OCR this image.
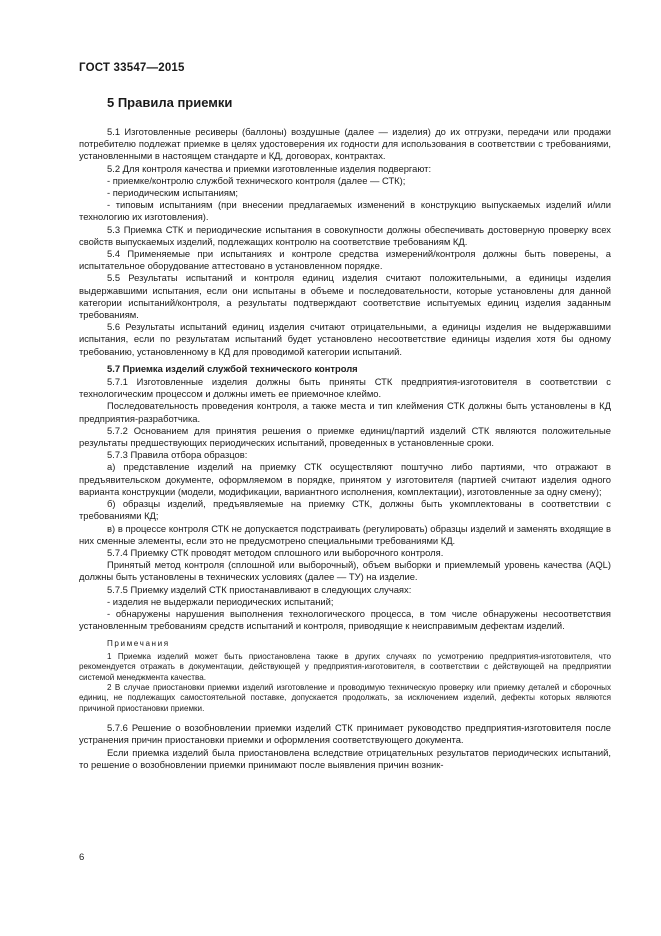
ГОСТ 33547—2015
5 Правила приемки

5.1 Изготовленные ресиверы (баллоны) воздушные (далее — изделия) до их отгрузки, передачи или продажи потребителю подлежат приемке в целях удостоверения их годности для использования в соответствии с требованиями, установленными в настоящем стандарте и КД, договорах, контрактах.

5.2 Для контроля качества и приемки изготовленные изделия подвергают:

- приемке/контролю службой технического контроля (далее — СТК);

- периодическим испытаниям;

- типовым испытаниям (при внесении предлагаемых изменений в конструкцию выпускаемых изделий и/или технологию их изготовления).

5.3 Приемка СТК и периодические испытания в совокупности должны обеспечивать достоверную проверку всех свойств выпускаемых изделий, подлежащих контролю на соответствие требованиям КД.

5.4 Применяемые при испытаниях и контроле средства измерений/контроля должны быть поверены, а испытательное оборудование аттестовано в установленном порядке.

5.5 Результаты испытаний и контроля единиц изделия считают положительными, а единицы изделия выдержавшими испытания, если они испытаны в объеме и последовательности, которые установлены для данной категории испытаний/контроля, а результаты подтверждают соответствие испытуемых единиц изделия заданным требованиям.

5.6 Результаты испытаний единиц изделия считают отрицательными, а единицы изделия не выдержавшими испытания, если по результатам испытаний будет установлено несоответствие единицы изделия хотя бы одному требованию, установленному в КД для проводимой категории испытаний.

5.7 Приемка изделий службой технического контроля

5.7.1 Изготовленные изделия должны быть приняты СТК предприятия-изготовителя в соответствии с технологическим процессом и должны иметь ее приемочное клеймо.

Последовательность проведения контроля, а также места и тип клеймения СТК должны быть установлены в КД предприятия-разработчика.

5.7.2 Основанием для принятия решения о приемке единиц/партий изделий СТК являются положительные результаты предшествующих периодических испытаний, проведенных в установленные сроки.

5.7.3 Правила отбора образцов:

а) представление изделий на приемку СТК осуществляют поштучно либо партиями, что отражают в предъявительском документе, оформляемом в порядке, принятом у изготовителя (партией считают изделия одного варианта конструкции (модели, модификации, вариантного исполнения, комплектации), изготовленные за одну смену);

б) образцы изделий, предъявляемые на приемку СТК, должны быть укомплектованы в соответствии с требованиями КД;

в) в процессе контроля СТК не допускается подстраивать (регулировать) образцы изделий и заменять входящие в них сменные элементы, если это не предусмотрено специальными требованиями КД.

5.7.4 Приемку СТК проводят методом сплошного или выборочного контроля.

Принятый метод контроля (сплошной или выборочный), объем выборки и приемлемый уровень качества (AQL) должны быть установлены в технических условиях (далее — ТУ) на изделие.

5.7.5 Приемку изделий СТК приостанавливают в следующих случаях:

- изделия не выдержали периодических испытаний;

- обнаружены нарушения выполнения технологического процесса, в том числе обнаружены несоответствия установленным требованиям средств испытаний и контроля, приводящие к неисправимым дефектам изделий.

Примечания

1 Приемка изделий может быть приостановлена также в других случаях по усмотрению предприятия-изготовителя, что рекомендуется отражать в документации, действующей у предприятия-изготовителя, в соответствии с действующей на предприятии системой менеджмента качества.

2 В случае приостановки приемки изделий изготовление и проводимую техническую проверку или приемку деталей и сборочных единиц, не подлежащих самостоятельной поставке, допускается продолжать, за исключением изделий, дефекты которых являются причиной приостановки приемки.

5.7.6 Решение о возобновлении приемки изделий СТК принимает руководство предприятия-изготовителя после устранения причин приостановки приемки и оформления соответствующего документа.

Если приемка изделий была приостановлена вследствие отрицательных результатов периодических испытаний, то решение о возобновлении приемки принимают после выявления причин возник-

6
